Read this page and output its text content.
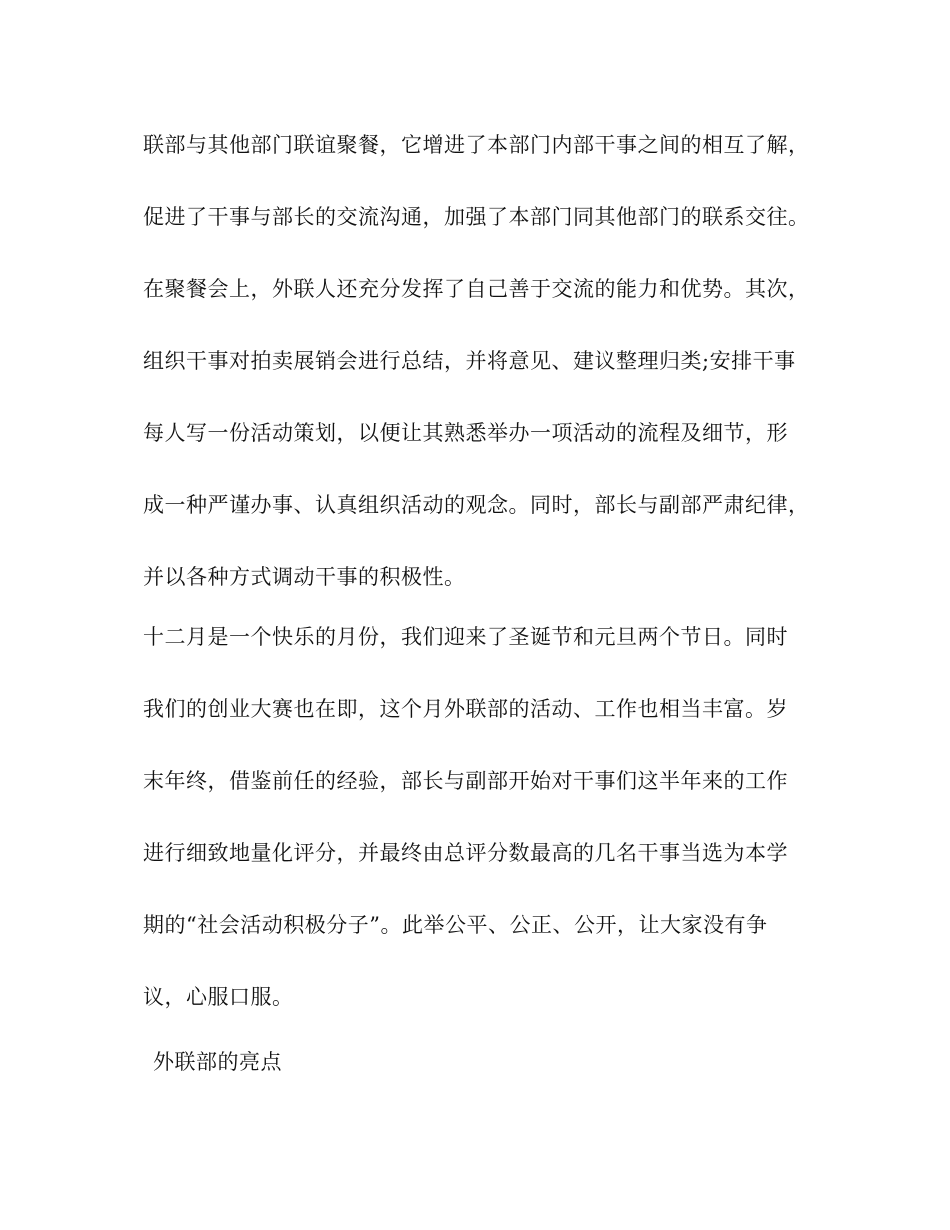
联部与其他部门联谊聚餐，它增进了本部门内部干事之间的相互了解，
促进了干事与部长的交流沟通，加强了本部门同其他部门的联系交往。
在聚餐会上，外联人还充分发挥了自己善于交流的能力和优势。其次，
组织干事对拍卖展销会进行总结，并将意见、建议整理归类;安排干事
每人写一份活动策划，以便让其熟悉举办一项活动的流程及细节，形
成一种严谨办事、认真组织活动的观念。同时，部长与副部严肃纪律，
并以各种方式调动干事的积极性。
十二月是一个快乐的月份，我们迎来了圣诞节和元旦两个节日。同时
我们的创业大赛也在即，这个月外联部的活动、工作也相当丰富。岁
末年终，借鉴前任的经验，部长与副部开始对干事们这半年来的工作
进行细致地量化评分，并最终由总评分数最高的几名干事当选为本学
期的“社会活动积极分子”。此举公平、公正、公开，让大家没有争
议，心服口服。
外联部的亮点
